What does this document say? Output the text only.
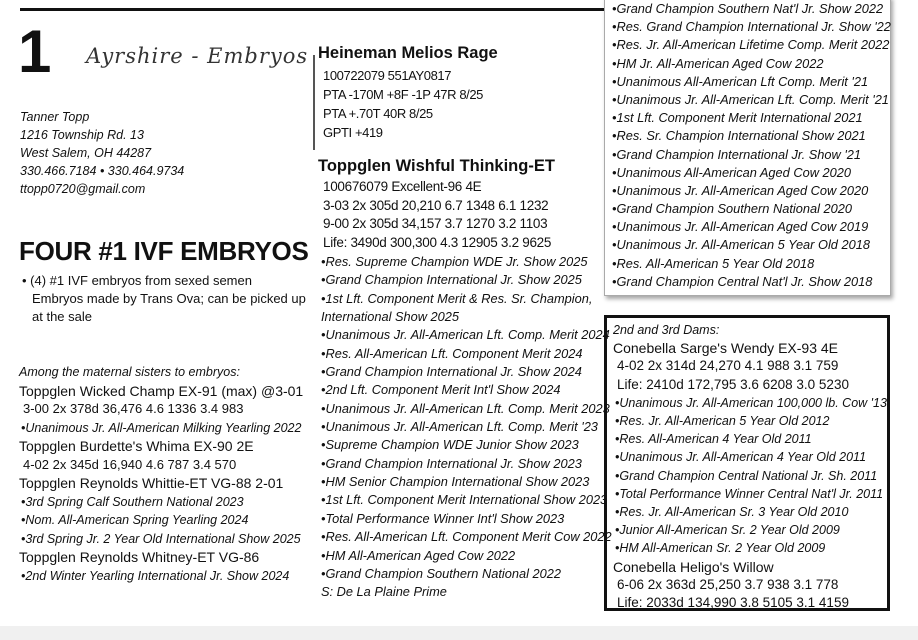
1 Ayrshire - Embryos
Tanner Topp
1216 Township Rd. 13
West Salem, OH 44287
330.466.7184 • 330.464.9734
ttopp0720@gmail.com
FOUR #1 IVF EMBRYOS
• (4) #1 IVF embryos from sexed semen
Embryos made by Trans Ova; can be picked up
at the sale
Among the maternal sisters to embryos:
Toppglen Wicked Champ EX-91 (max) @3-01
3-00 2x 378d 36,476 4.6 1336 3.4 983
•Unanimous Jr. All-American Milking Yearling 2022
Toppglen Burdette's Whima EX-90 2E
4-02 2x 345d 16,940 4.6 787 3.4 570
Toppglen Reynolds Whittie-ET VG-88 2-01
•3rd Spring Calf Southern National 2023
•Nom. All-American Spring Yearling 2024
•3rd Spring Jr. 2 Year Old International Show 2025
Toppglen Reynolds Whitney-ET VG-86
•2nd Winter Yearling International Jr. Show 2024
Heineman Melios Rage
100722079 551AY0817
PTA -170M +8F -1P 47R 8/25
PTA +.70T 40R 8/25
GPTI +419
Toppglen Wishful Thinking-ET
100676079 Excellent-96 4E
3-03 2x 305d 20,210 6.7 1348 6.1 1232
9-00 2x 305d 34,157 3.7 1270 3.2 1103
Life: 3490d 300,300 4.3 12905 3.2 9625
•Res. Supreme Champion WDE Jr. Show 2025
•Grand Champion International Jr. Show 2025
•1st Lft. Component Merit & Res. Sr. Champion,
International Show 2025
•Unanimous Jr. All-American Lft. Comp. Merit 2024
•Res. All-American Lft. Component Merit 2024
•Grand Champion International Jr. Show 2024
•2nd Lft. Component Merit Int'l Show 2024
•Unanimous Jr. All-American Lft. Comp. Merit 2023
•Unanimous Jr. All-American Lft. Comp. Merit '23
•Supreme Champion WDE Junior Show 2023
•Grand Champion International Jr. Show 2023
•HM Senior Champion International Show 2023
•1st Lft. Component Merit International Show 2023
•Total Performance Winner Int'l Show 2023
•Res. All-American Lft. Component Merit Cow 2022
•HM All-American Aged Cow 2022
•Grand Champion Southern National 2022
S: De La Plaine Prime
•Grand Champion Southern Nat'l Jr. Show 2022
•Res. Grand Champion International Jr. Show '22
•Res. Jr. All-American Lifetime Comp. Merit 2022
•HM Jr. All-American Aged Cow 2022
•Unanimous All-American Lft Comp. Merit '21
•Unanimous Jr. All-American Lft. Comp. Merit '21
•1st Lft. Component Merit International 2021
•Res. Sr. Champion International Show 2021
•Grand Champion International Jr. Show '21
•Unanimous All-American Aged Cow 2020
•Unanimous Jr. All-American Aged Cow 2020
•Grand Champion Southern National 2020
•Unanimous Jr. All-American Aged Cow 2019
•Unanimous Jr. All-American 5 Year Old 2018
•Res. All-American 5 Year Old 2018
•Grand Champion Central Nat'l Jr. Show 2018
2nd and 3rd Dams:
Conebella Sarge's Wendy EX-93 4E
4-02 2x 314d 24,270 4.1 988 3.1 759
Life: 2410d 172,795 3.6 6208 3.0 5230
•Unanimous Jr. All-American 100,000 lb. Cow '13
•Res. Jr. All-American 5 Year Old 2012
•Res. All-American 4 Year Old 2011
•Unanimous Jr. All-American 4 Year Old 2011
•Grand Champion Central National Jr. Sh. 2011
•Total Performance Winner Central Nat'l Jr. 2011
•Res. Jr. All-American Sr. 3 Year Old 2010
•Junior All-American Sr. 2 Year Old 2009
•HM All-American Sr. 2 Year Old 2009
Conebella Heligo's Willow
6-06 2x 363d 25,250 3.7 938 3.1 778
Life: 2033d 134,990 3.8 5105 3.1 4159
